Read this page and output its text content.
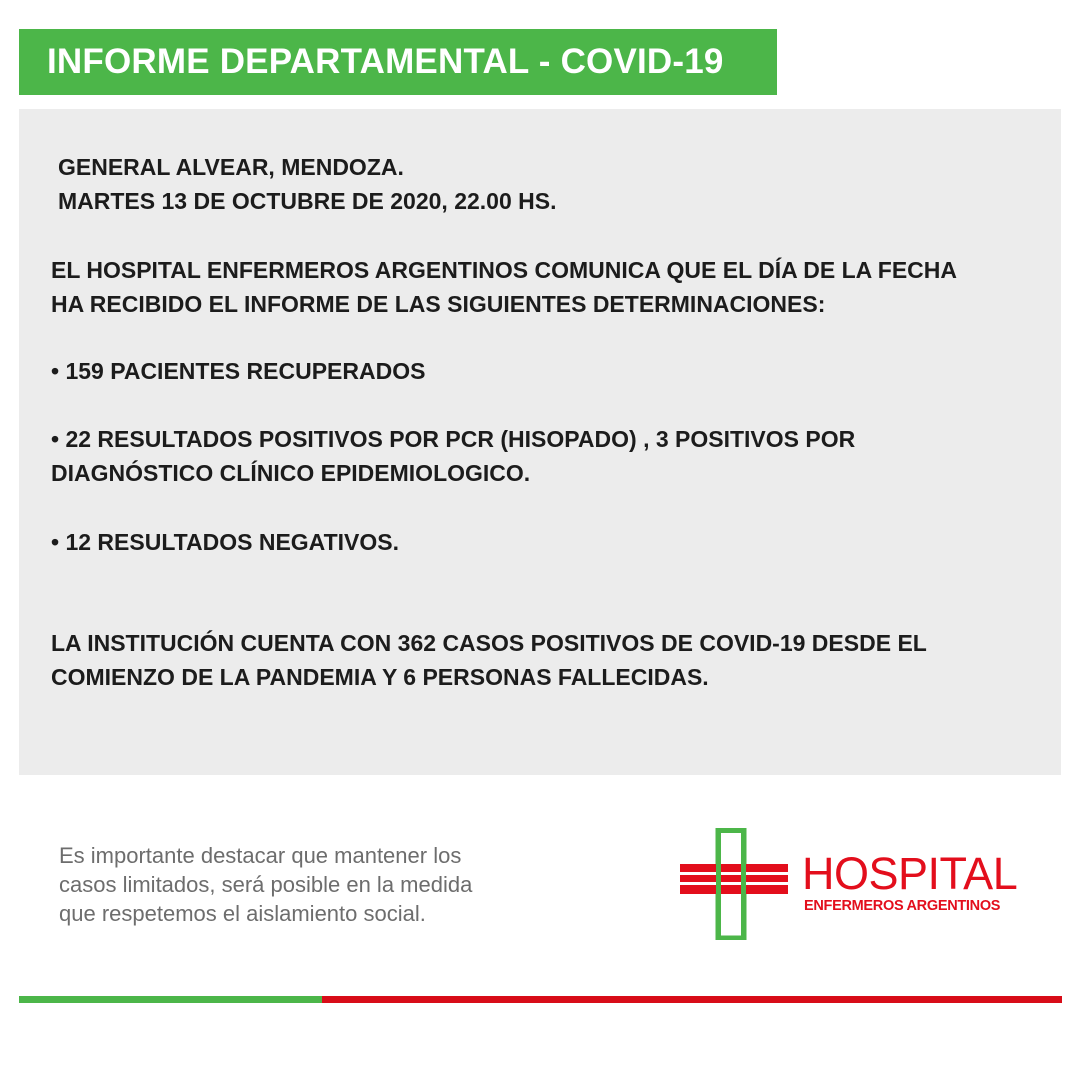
INFORME DEPARTAMENTAL - COVID-19

GENERAL ALVEAR, MENDOZA.

MARTES 13 DE OCTUBRE DE 2020, 22.00 HS.

EL HOSPITAL ENFERMEROS ARGENTINOS COMUNICA QUE EL DÍA DE LA FECHA

HA RECIBIDO EL INFORME DE LAS SIGUIENTES DETERMINACIONES:

• 159 PACIENTES RECUPERADOS

• 22 RESULTADOS POSITIVOS POR PCR (HISOPADO) , 3 POSITIVOS POR

DIAGNÓSTICO CLÍNICO EPIDEMIOLOGICO.

• 12 RESULTADOS NEGATIVOS.

LA INSTITUCIÓN CUENTA CON 362 CASOS POSITIVOS DE COVID-19 DESDE EL

COMIENZO DE LA PANDEMIA Y 6 PERSONAS FALLECIDAS.

Es importante destacar que mantener los
casos limitados, será posible en la medida
que respetemos el aislamiento social.
HOSPITAL
ENFERMEROS ARGENTINOS
